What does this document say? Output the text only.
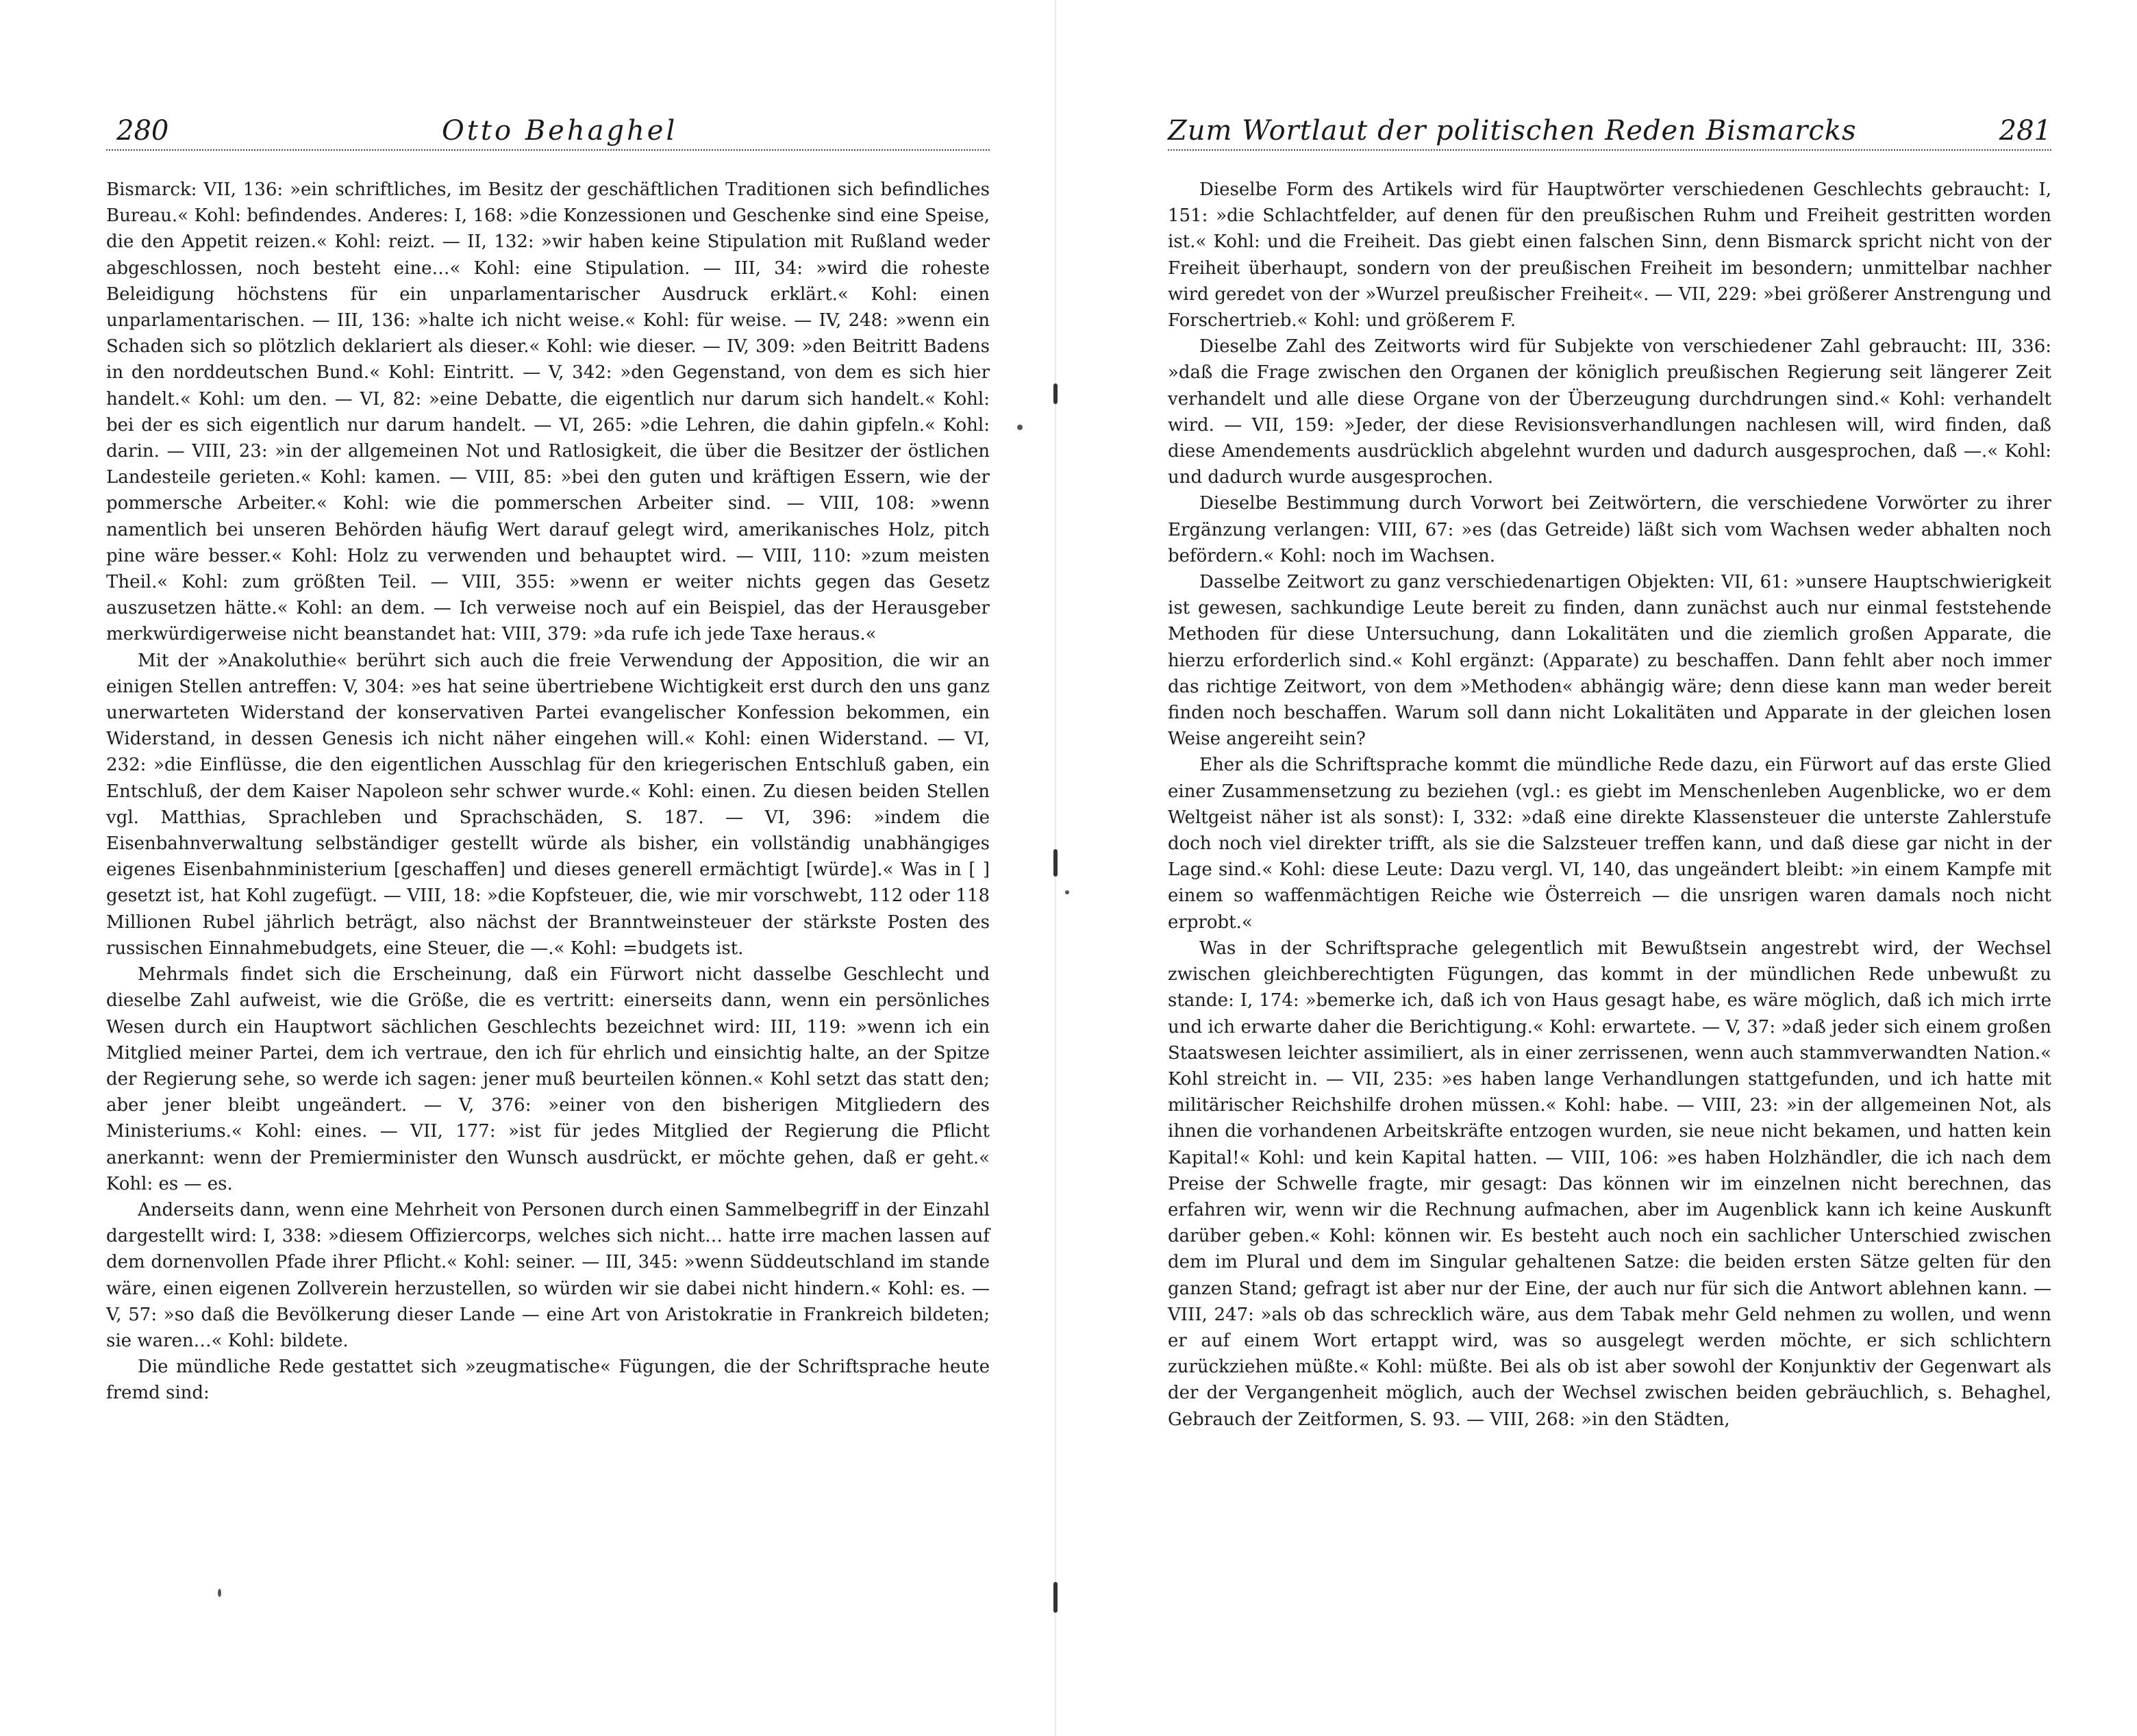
280	Otto Behaghel

Bismarck: VII, 136: »ein schriftliches, im Besitz der geschäftlichen Traditionen sich befindliches Bureau.« Kohl: befindendes. Anderes: I, 168: »die Konzessionen und Geschenke sind eine Speise, die den Appetit reizen.« Kohl: reizt. — II, 132: »wir haben keine Stipulation mit Rußland weder abgeschlossen, noch besteht eine…« Kohl: eine Stipulation. — III, 34: »wird die roheste Beleidigung höchstens für ein unparlamentarischer Ausdruck erklärt.« Kohl: einen unparlamentarischen. — III, 136: »halte ich nicht weise.« Kohl: für weise. — IV, 248: »wenn ein Schaden sich so plötzlich deklariert als dieser.« Kohl: wie dieser. — IV, 309: »den Beitritt Badens in den norddeutschen Bund.« Kohl: Eintritt. — V, 342: »den Gegenstand, von dem es sich hier handelt.« Kohl: um den. — VI, 82: »eine Debatte, die eigentlich nur darum sich handelt.« Kohl: bei der es sich eigentlich nur darum handelt. — VI, 265: »die Lehren, die dahin gipfeln.« Kohl: darin. — VIII, 23: »in der allgemeinen Not und Ratlosigkeit, die über die Besitzer der östlichen Landesteile gerieten.« Kohl: kamen. — VIII, 85: »bei den guten und kräftigen Essern, wie der pommersche Arbeiter.« Kohl: wie die pommerschen Arbeiter sind. — VIII, 108: »wenn namentlich bei unseren Behörden häufig Wert darauf gelegt wird, amerikanisches Holz, pitch pine wäre besser.« Kohl: Holz zu verwenden und behauptet wird. — VIII, 110: »zum meisten Theil.« Kohl: zum größten Teil. — VIII, 355: »wenn er weiter nichts gegen das Gesetz auszusetzen hätte.« Kohl: an dem. — Ich verweise noch auf ein Beispiel, das der Herausgeber merkwürdigerweise nicht beanstandet hat: VIII, 379: »da rufe ich jede Taxe heraus.«

Mit der »Anakoluthie« berührt sich auch die freie Verwendung der Apposition, die wir an einigen Stellen antreffen: V, 304: »es hat seine übertriebene Wichtigkeit erst durch den uns ganz unerwarteten Widerstand der konservativen Partei evangelischer Konfession bekommen, ein Widerstand, in dessen Genesis ich nicht näher eingehen will.« Kohl: einen Widerstand. — VI, 232: »die Einflüsse, die den eigentlichen Ausschlag für den kriegerischen Entschluß gaben, ein Entschluß, der dem Kaiser Napoleon sehr schwer wurde.« Kohl: einen. Zu diesen beiden Stellen vgl. Matthias, Sprachleben und Sprachschäden, S. 187. — VI, 396: »indem die Eisenbahnverwaltung selbständiger gestellt würde als bisher, ein vollständig unabhängiges eigenes Eisenbahnministerium [geschaffen] und dieses generell ermächtigt [würde].« Was in [ ] gesetzt ist, hat Kohl zugefügt. — VIII, 18: »die Kopfsteuer, die, wie mir vorschwebt, 112 oder 118 Millionen Rubel jährlich beträgt, also nächst der Branntweinsteuer der stärkste Posten des russischen Einnahmebudgets, eine Steuer, die —.« Kohl: =budgets ist.

Mehrmals findet sich die Erscheinung, daß ein Fürwort nicht dasselbe Geschlecht und dieselbe Zahl aufweist, wie die Größe, die es vertritt: einerseits dann, wenn ein persönliches Wesen durch ein Hauptwort sächlichen Geschlechts bezeichnet wird: III, 119: »wenn ich ein Mitglied meiner Partei, dem ich vertraue, den ich für ehrlich und einsichtig halte, an der Spitze der Regierung sehe, so werde ich sagen: jener muß beurteilen können.« Kohl setzt das statt den; aber jener bleibt ungeändert. — V, 376: »einer von den bisherigen Mitgliedern des Ministeriums.« Kohl: eines. — VII, 177: »ist für jedes Mitglied der Regierung die Pflicht anerkannt: wenn der Premierminister den Wunsch ausdrückt, er möchte gehen, daß er geht.« Kohl: es — es.

Anderseits dann, wenn eine Mehrheit von Personen durch einen Sammelbegriff in der Einzahl dargestellt wird: I, 338: »diesem Offiziercorps, welches sich nicht… hatte irre machen lassen auf dem dornenvollen Pfade ihrer Pflicht.« Kohl: seiner. — III, 345: »wenn Süddeutschland im stande wäre, einen eigenen Zollverein herzustellen, so würden wir sie dabei nicht hindern.« Kohl: es. — V, 57: »so daß die Bevölkerung dieser Lande — eine Art von Aristokratie in Frankreich bildeten; sie waren…« Kohl: bildete.

Die mündliche Rede gestattet sich »zeugmatische« Fügungen, die der Schriftsprache heute fremd sind:

Zum Wortlaut der politischen Reden Bismarcks	281

Dieselbe Form des Artikels wird für Hauptwörter verschiedenen Geschlechts gebraucht: I, 151: »die Schlachtfelder, auf denen für den preußischen Ruhm und Freiheit gestritten worden ist.« Kohl: und die Freiheit. Das giebt einen falschen Sinn, denn Bismarck spricht nicht von der Freiheit überhaupt, sondern von der preußischen Freiheit im besondern; unmittelbar nachher wird geredet von der »Wurzel preußischer Freiheit«. — VII, 229: »bei größerer Anstrengung und Forschertrieb.« Kohl: und größerem F.

Dieselbe Zahl des Zeitworts wird für Subjekte von verschiedener Zahl gebraucht: III, 336: »daß die Frage zwischen den Organen der königlich preußischen Regierung seit längerer Zeit verhandelt und alle diese Organe von der Überzeugung durchdrungen sind.« Kohl: verhandelt wird. — VII, 159: »Jeder, der diese Revisionsverhandlungen nachlesen will, wird finden, daß diese Amendements ausdrücklich abgelehnt wurden und dadurch ausgesprochen, daß —.« Kohl: und dadurch wurde ausgesprochen.

Dieselbe Bestimmung durch Vorwort bei Zeitwörtern, die verschiedene Vorwörter zu ihrer Ergänzung verlangen: VIII, 67: »es (das Getreide) läßt sich vom Wachsen weder abhalten noch befördern.« Kohl: noch im Wachsen.

Dasselbe Zeitwort zu ganz verschiedenartigen Objekten: VII, 61: »unsere Hauptschwierigkeit ist gewesen, sachkundige Leute bereit zu finden, dann zunächst auch nur einmal feststehende Methoden für diese Untersuchung, dann Lokalitäten und die ziemlich großen Apparate, die hierzu erforderlich sind.« Kohl ergänzt: (Apparate) zu beschaffen. Dann fehlt aber noch immer das richtige Zeitwort, von dem »Methoden« abhängig wäre; denn diese kann man weder bereit finden noch beschaffen. Warum soll dann nicht Lokalitäten und Apparate in der gleichen losen Weise angereiht sein?

Eher als die Schriftsprache kommt die mündliche Rede dazu, ein Fürwort auf das erste Glied einer Zusammensetzung zu beziehen (vgl.: es giebt im Menschenleben Augenblicke, wo er dem Weltgeist näher ist als sonst): I, 332: »daß eine direkte Klassensteuer die unterste Zahlerstufe doch noch viel direkter trifft, als sie die Salzsteuer treffen kann, und daß diese gar nicht in der Lage sind.« Kohl: diese Leute: Dazu vergl. VI, 140, das ungeändert bleibt: »in einem Kampfe mit einem so waffenmächtigen Reiche wie Österreich — die unsrigen waren damals noch nicht erprobt.«

Was in der Schriftsprache gelegentlich mit Bewußtsein angestrebt wird, der Wechsel zwischen gleichberechtigten Fügungen, das kommt in der mündlichen Rede unbewußt zu stande: I, 174: »bemerke ich, daß ich von Haus gesagt habe, es wäre möglich, daß ich mich irrte und ich erwarte daher die Berichtigung.« Kohl: erwartete. — V, 37: »daß jeder sich einem großen Staatswesen leichter assimiliert, als in einer zerrissenen, wenn auch stammverwandten Nation.« Kohl streicht in. — VII, 235: »es haben lange Verhandlungen stattgefunden, und ich hatte mit militärischer Reichshilfe drohen müssen.« Kohl: habe. — VIII, 23: »in der allgemeinen Not, als ihnen die vorhandenen Arbeitskräfte entzogen wurden, sie neue nicht bekamen, und hatten kein Kapital!« Kohl: und kein Kapital hatten. — VIII, 106: »es haben Holzhändler, die ich nach dem Preise der Schwelle fragte, mir gesagt: Das können wir im einzelnen nicht berechnen, das erfahren wir, wenn wir die Rechnung aufmachen, aber im Augenblick kann ich keine Auskunft darüber geben.« Kohl: können wir. Es besteht auch noch ein sachlicher Unterschied zwischen dem im Plural und dem im Singular gehaltenen Satze: die beiden ersten Sätze gelten für den ganzen Stand; gefragt ist aber nur der Eine, der auch nur für sich die Antwort ablehnen kann. — VIII, 247: »als ob das schrecklich wäre, aus dem Tabak mehr Geld nehmen zu wollen, und wenn er auf einem Wort ertappt wird, was so ausgelegt werden möchte, er sich schlichtern zurückziehen müßte.« Kohl: müßte. Bei als ob ist aber sowohl der Konjunktiv der Gegenwart als der der Vergangenheit möglich, auch der Wechsel zwischen beiden gebräuchlich, s. Behaghel, Gebrauch der Zeitformen, S. 93. — VIII, 268: »in den Städten,
